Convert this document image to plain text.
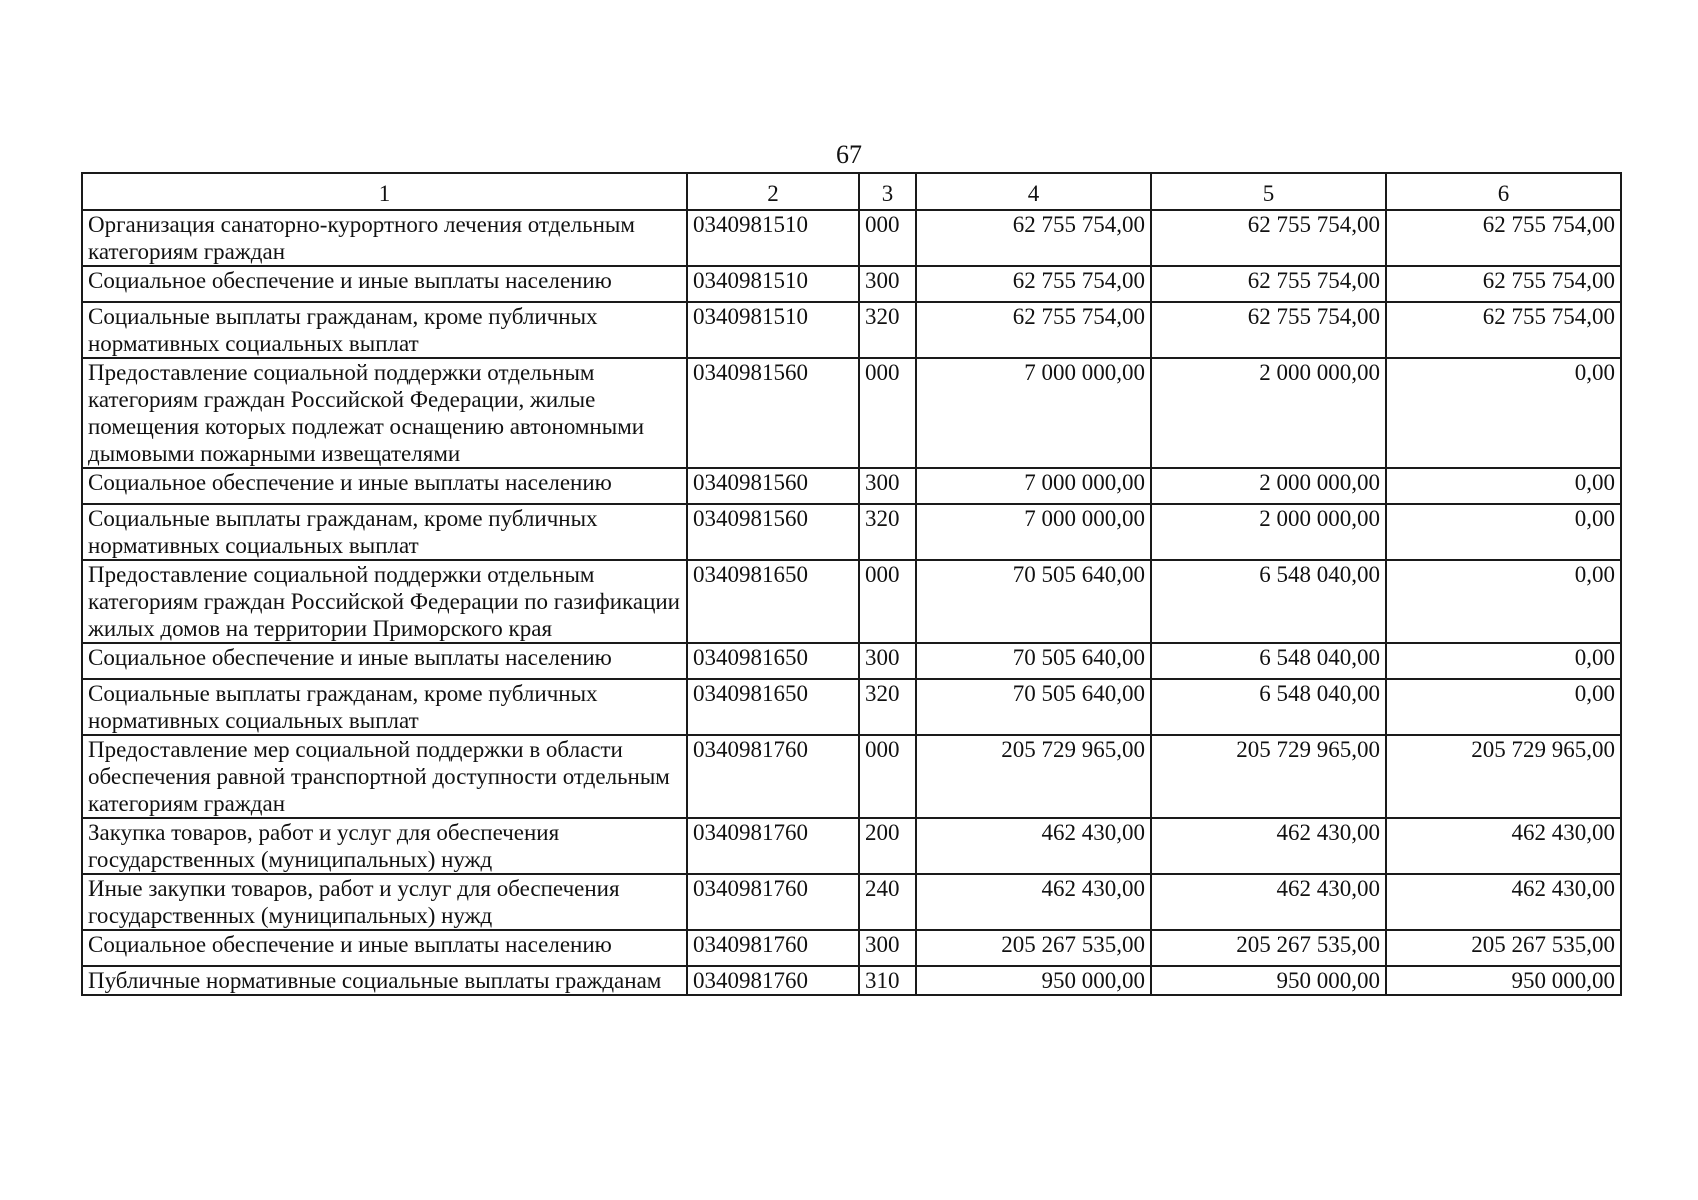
67
1	2	3	4	5	6
Организация санаторно-курортного лечения отдельным категориям граждан	0340981510	000	62 755 754,00	62 755 754,00	62 755 754,00
Социальное обеспечение и иные выплаты населению	0340981510	300	62 755 754,00	62 755 754,00	62 755 754,00
Социальные выплаты гражданам, кроме публичных нормативных социальных выплат	0340981510	320	62 755 754,00	62 755 754,00	62 755 754,00
Предоставление социальной поддержки отдельным категориям граждан Российской Федерации, жилые помещения которых подлежат оснащению автономными дымовыми пожарными извещателями	0340981560	000	7 000 000,00	2 000 000,00	0,00
Социальное обеспечение и иные выплаты населению	0340981560	300	7 000 000,00	2 000 000,00	0,00
Социальные выплаты гражданам, кроме публичных нормативных социальных выплат	0340981560	320	7 000 000,00	2 000 000,00	0,00
Предоставление социальной поддержки отдельным категориям граждан Российской Федерации по газификации жилых домов на территории Приморского края	0340981650	000	70 505 640,00	6 548 040,00	0,00
Социальное обеспечение и иные выплаты населению	0340981650	300	70 505 640,00	6 548 040,00	0,00
Социальные выплаты гражданам, кроме публичных нормативных социальных выплат	0340981650	320	70 505 640,00	6 548 040,00	0,00
Предоставление мер социальной поддержки в области обеспечения равной транспортной доступности отдельным категориям граждан	0340981760	000	205 729 965,00	205 729 965,00	205 729 965,00
Закупка товаров, работ и услуг для обеспечения государственных (муниципальных) нужд	0340981760	200	462 430,00	462 430,00	462 430,00
Иные закупки товаров, работ и услуг для обеспечения государственных (муниципальных) нужд	0340981760	240	462 430,00	462 430,00	462 430,00
Социальное обеспечение и иные выплаты населению	0340981760	300	205 267 535,00	205 267 535,00	205 267 535,00
Публичные нормативные социальные выплаты гражданам	0340981760	310	950 000,00	950 000,00	950 000,00
